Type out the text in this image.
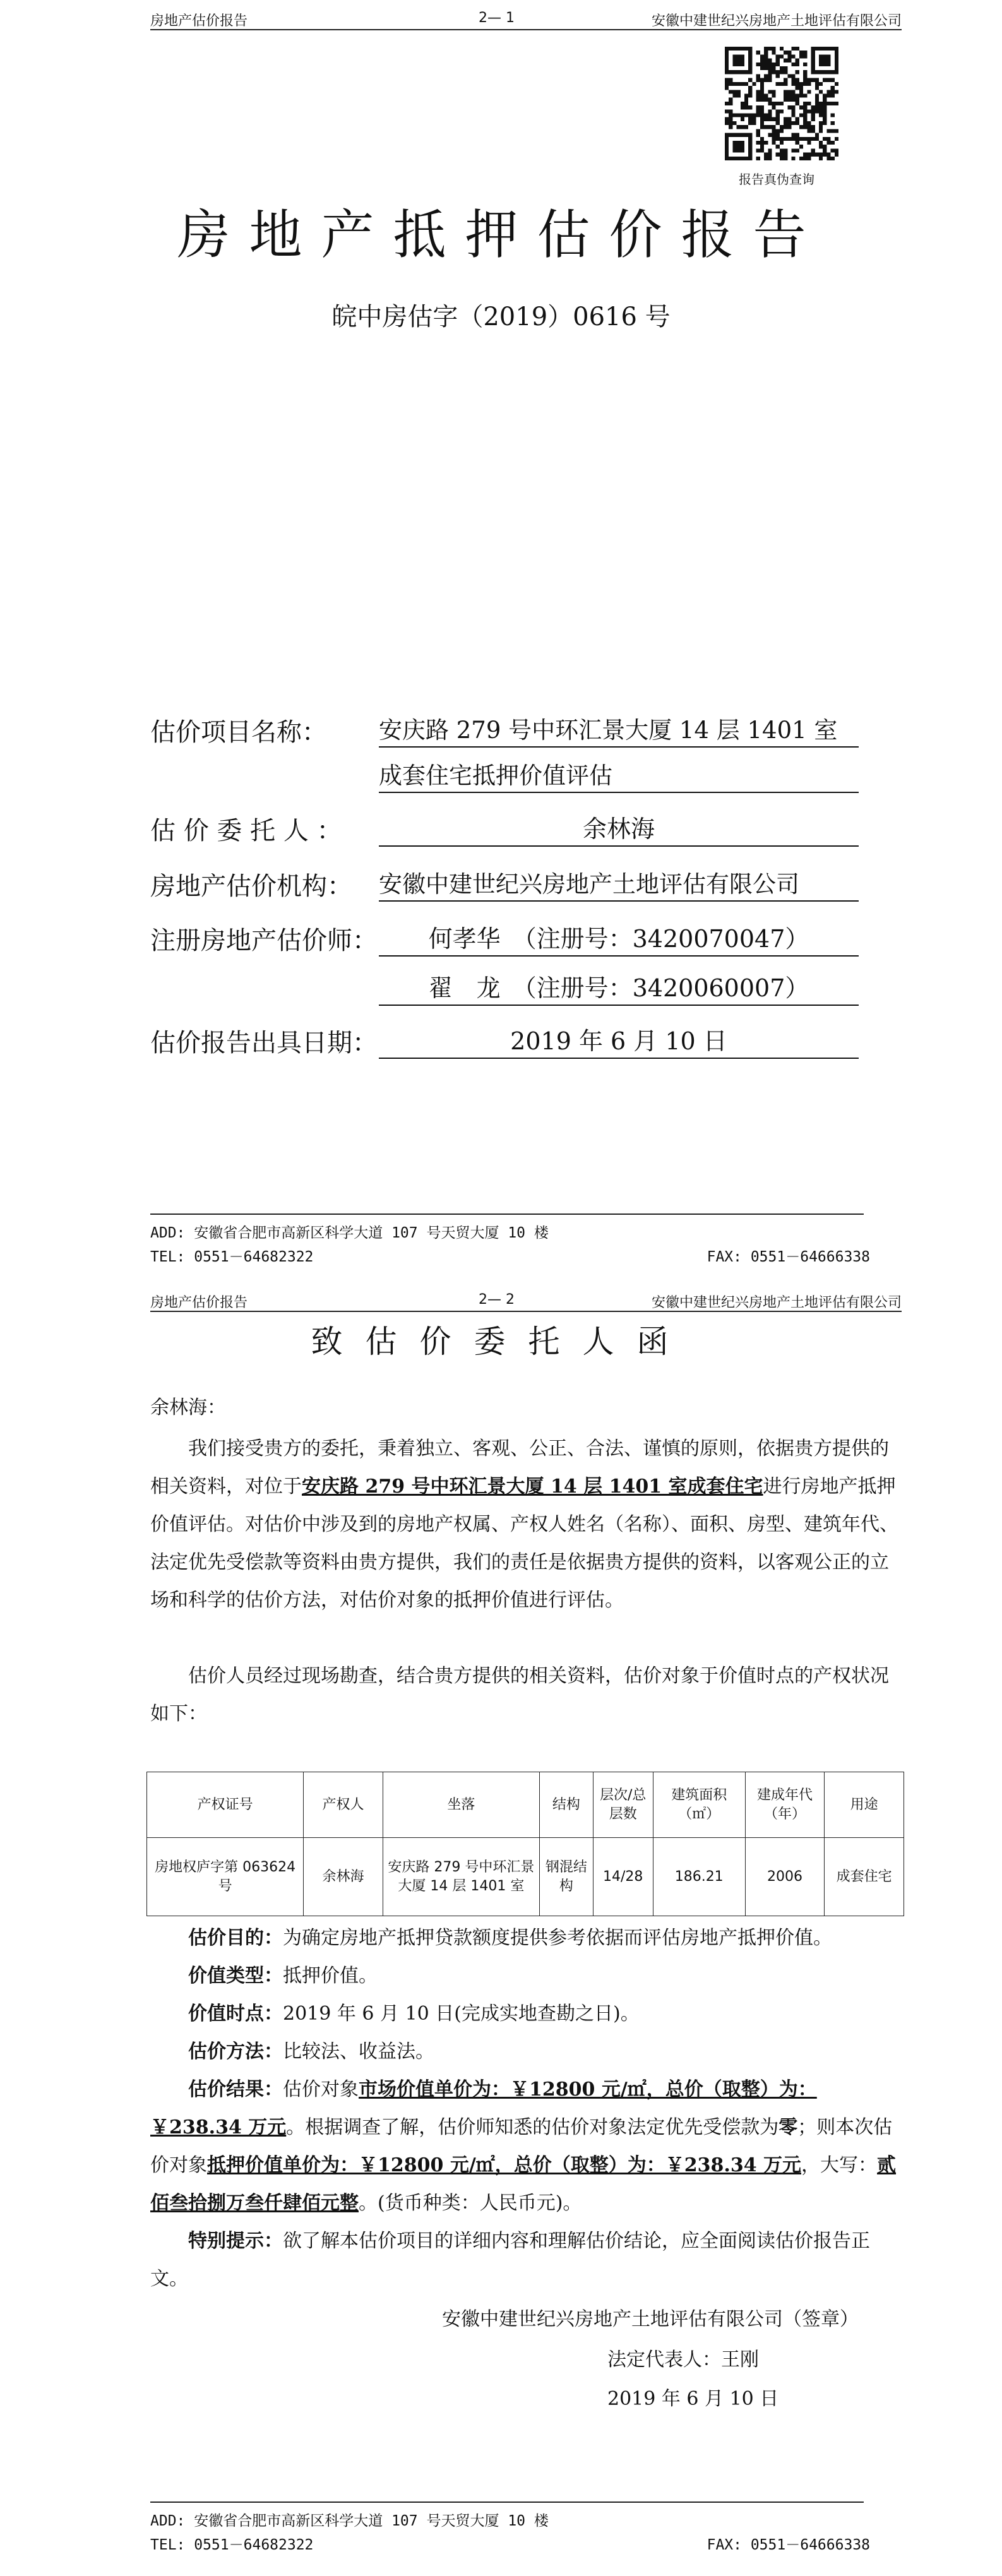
房地产估价报告	2— 1	安徽中建世纪兴房地产土地评估有限公司
报告真伪查询
房地产抵押估价报告
皖中房估字（2019）0616 号
估价项目名称：	安庆路 279 号中环汇景大厦 14 层 1401 室
成套住宅抵押价值评估
估 价 委 托 人 ：	余林海
房地产估价机构：	安徽中建世纪兴房地产土地评估有限公司
注册房地产估价师：	何孝华　（注册号：3420070047）
翟　龙　（注册号：3420060007）
估价报告出具日期：	2019 年 6 月 10 日
ADD: 安徽省合肥市高新区科学大道 107 号天贸大厦 10 楼
TEL: 0551－64682322	FAX: 0551－64666338
房地产估价报告	2— 2	安徽中建世纪兴房地产土地评估有限公司
致估价委托人函
余林海：
我们接受贵方的委托，秉着独立、客观、公正、合法、谨慎的原则，依据贵方提供的相关资料，对位于安庆路 279 号中环汇景大厦 14 层 1401 室成套住宅进行房地产抵押价值评估。对估价中涉及到的房地产权属、产权人姓名（名称）、面积、房型、建筑年代、法定优先受偿款等资料由贵方提供，我们的责任是依据贵方提供的资料，以客观公正的立场和科学的估价方法，对估价对象的抵押价值进行评估。
估价人员经过现场勘查，结合贵方提供的相关资料，估价对象于价值时点的产权状况如下：
产权证号	产权人	坐落	结构	层次/总层数	建筑面积（㎡）	建成年代（年）	用途
房地权庐字第 063624 号	余林海	安庆路 279 号中环汇景大厦 14 层 1401 室	钢混结构	14/28	186.21	2006	成套住宅
估价目的：为确定房地产抵押贷款额度提供参考依据而评估房地产抵押价值。
价值类型：抵押价值。
价值时点：2019 年 6 月 10 日(完成实地查勘之日)。
估价方法：比较法、收益法。
估价结果：估价对象市场价值单价为：￥12800 元/㎡，总价（取整）为：￥238.34 万元。根据调查了解，估价师知悉的估价对象法定优先受偿款为零；则本次估价对象抵押价值单价为：￥12800 元/㎡，总价（取整）为：￥238.34 万元，大写：贰佰叁拾捌万叁仟肆佰元整。(货币种类：人民币元)。
特别提示：欲了解本估价项目的详细内容和理解估价结论，应全面阅读估价报告正文。
安徽中建世纪兴房地产土地评估有限公司（签章）
法定代表人：王刚
2019 年 6 月 10 日
ADD: 安徽省合肥市高新区科学大道 107 号天贸大厦 10 楼
TEL: 0551－64682322	FAX: 0551－64666338
